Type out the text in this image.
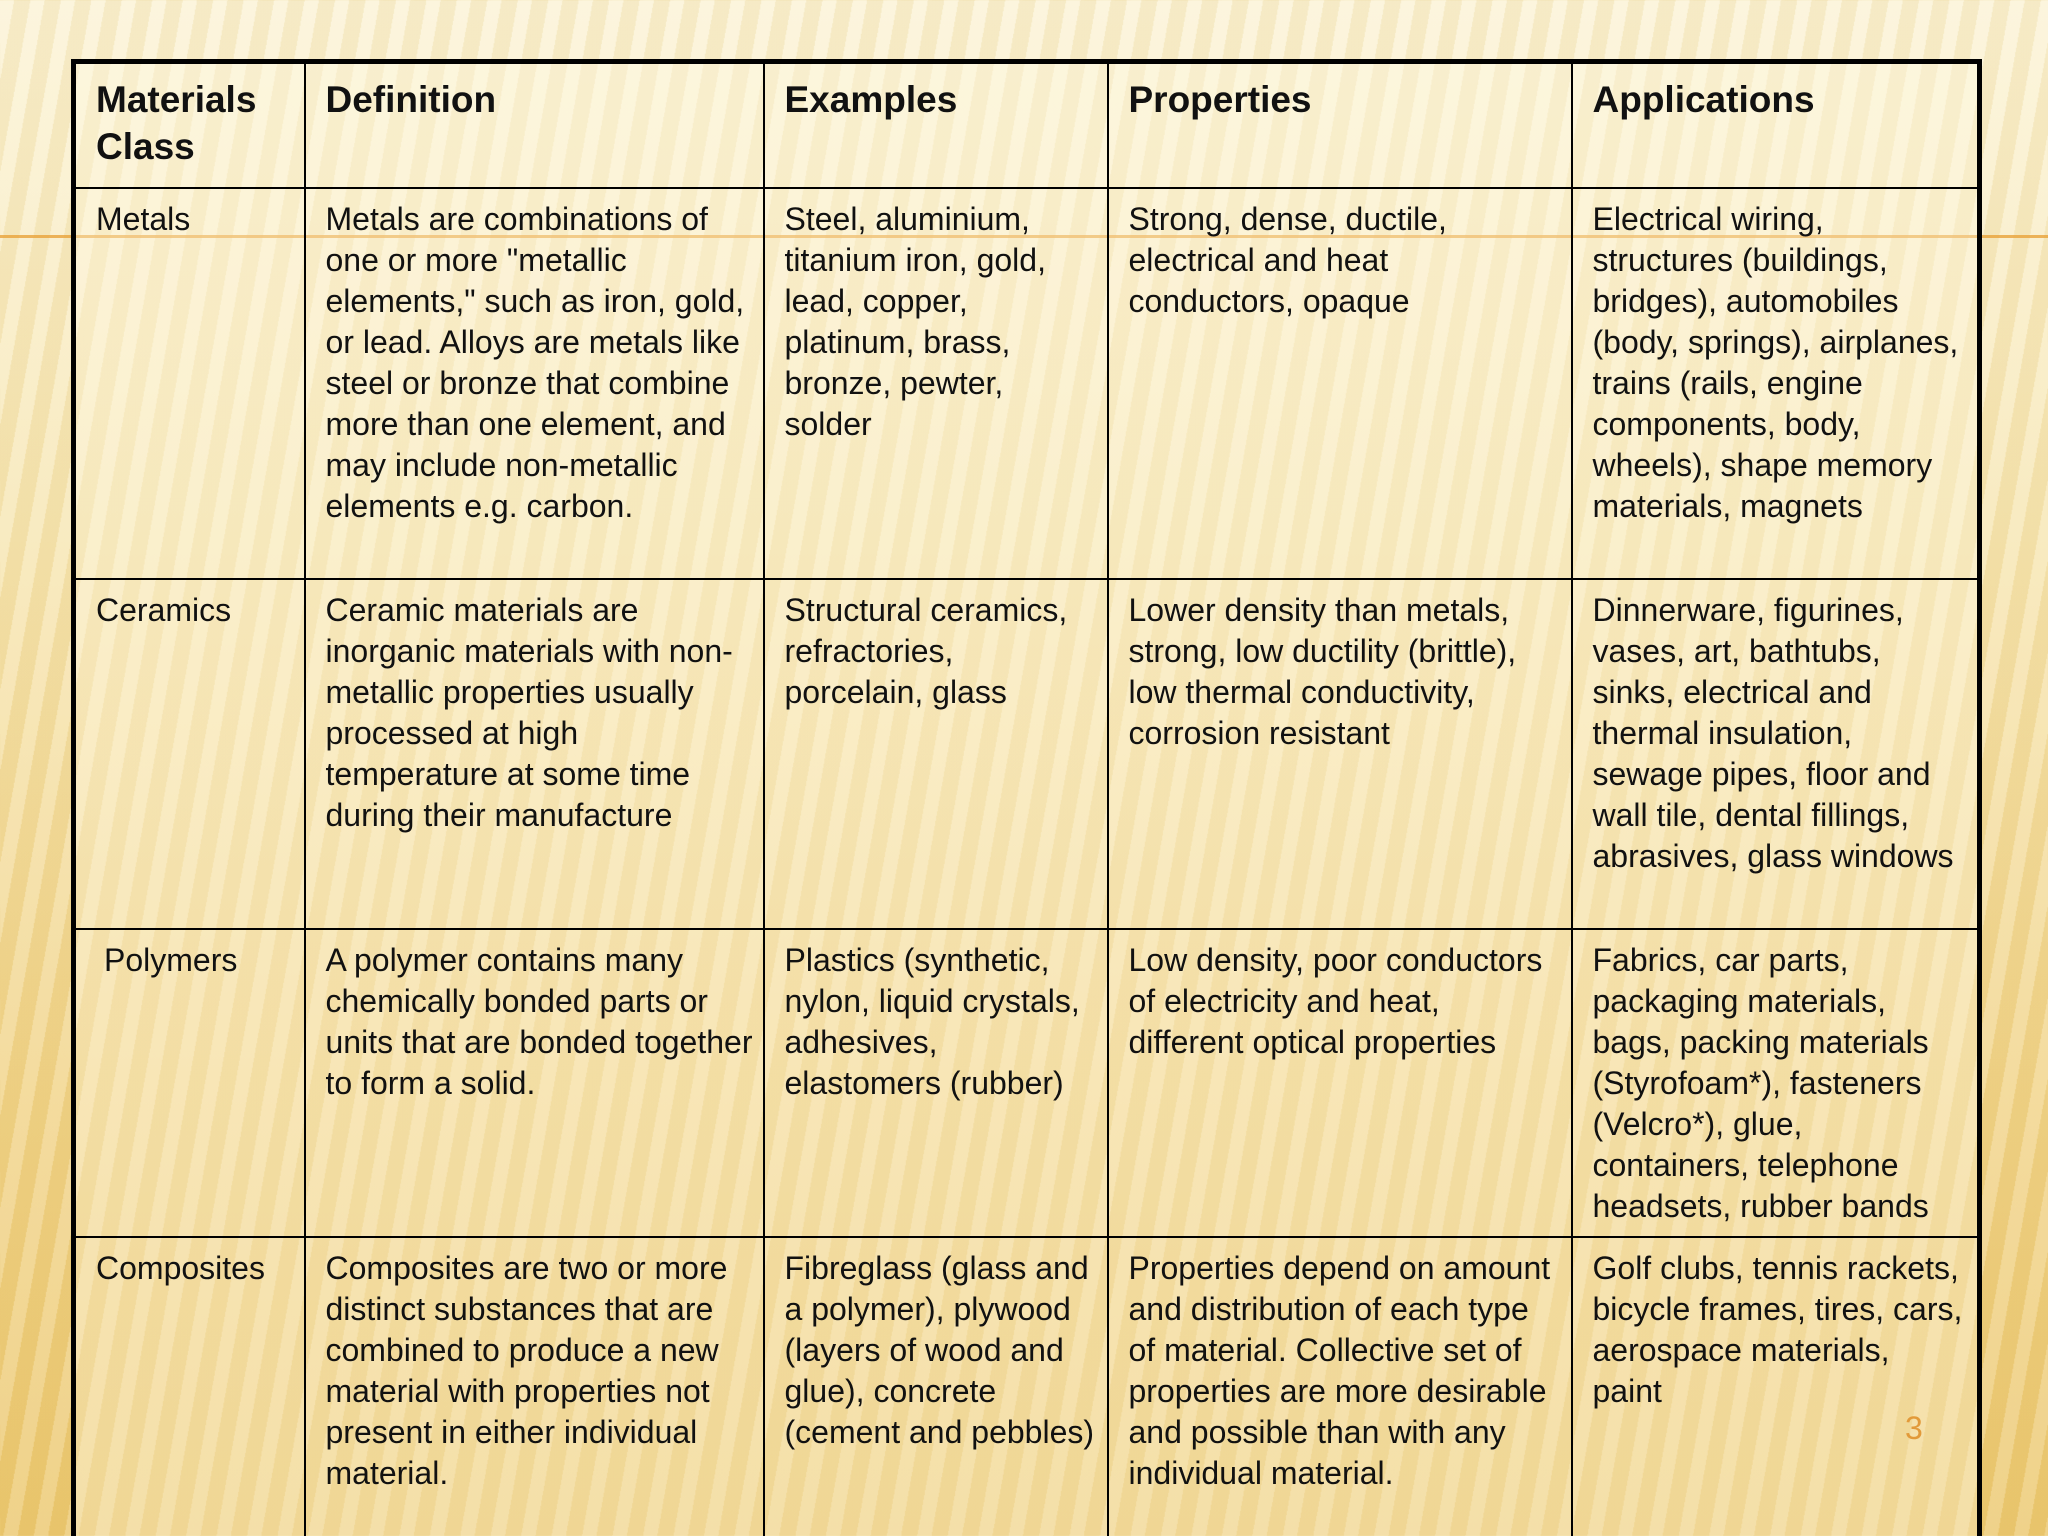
Materials Class	Definition	Examples	Properties	Applications
Metals	Metals are combinations of one or more "metallic elements," such as iron, gold, or lead. Alloys are metals like steel or bronze that combine more than one element, and may include non-metallic elements e.g. carbon.	Steel, aluminium, titanium iron, gold, lead, copper, platinum, brass, bronze, pewter, solder	Strong, dense, ductile, electrical and heat conductors, opaque	Electrical wiring, structures (buildings, bridges), automobiles (body, springs), airplanes, trains (rails, engine components, body, wheels), shape memory materials, magnets
Ceramics	Ceramic materials are inorganic materials with non-metallic properties usually processed at high temperature at some time during their manufacture	Structural ceramics, refractories, porcelain, glass	Lower density than metals, strong, low ductility (brittle), low thermal conductivity, corrosion resistant	Dinnerware, figurines, vases, art, bathtubs, sinks, electrical and thermal insulation, sewage pipes, floor and wall tile, dental fillings, abrasives, glass windows
Polymers	A polymer contains many chemically bonded parts or units that are bonded together to form a solid.	Plastics (synthetic, nylon, liquid crystals, adhesives, elastomers (rubber)	Low density, poor conductors of electricity and heat, different optical properties	Fabrics, car parts, packaging materials, bags, packing materials (Styrofoam*), fasteners (Velcro*), glue, containers, telephone headsets, rubber bands
Composites	Composites are two or more distinct substances that are combined to produce a new material with properties not present in either individual material.	Fibreglass (glass and a polymer), plywood (layers of wood and glue), concrete (cement and pebbles)	Properties depend on amount and distribution of each type of material. Collective set of properties are more desirable and possible than with any individual material.	Golf clubs, tennis rackets, bicycle frames, tires, cars, aerospace materials, paint
3
